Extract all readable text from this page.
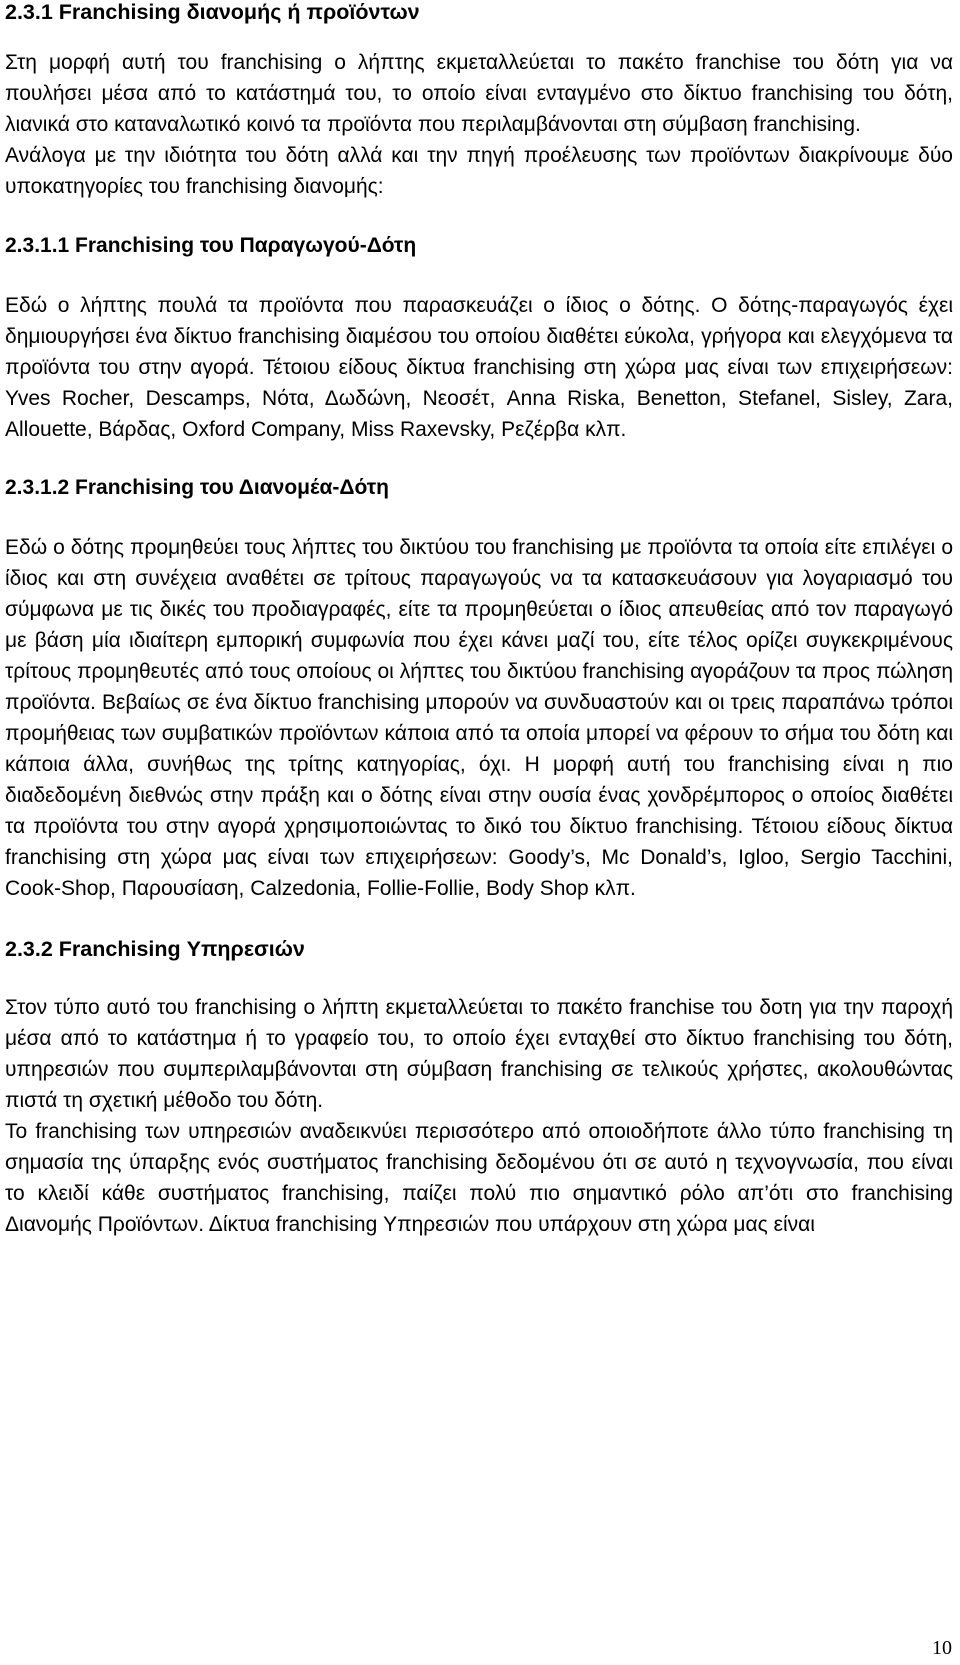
2.3.1 Franchising διανομής ή προϊόντων

Στη μορφή αυτή του franchising ο λήπτης εκμεταλλεύεται το πακέτο franchise του δότη για να πουλήσει μέσα από το κατάστημά του, το οποίο είναι ενταγμένο στο δίκτυο franchising του δότη, λιανικά στο καταναλωτικό κοινό τα προϊόντα που περιλαμβάνονται στη σύμβαση franchising.

Ανάλογα με την ιδιότητα του δότη αλλά και την πηγή προέλευσης των προϊόντων διακρίνουμε δύο υποκατηγορίες του franchising διανομής:

2.3.1.1 Franchising του Παραγωγού-Δότη

Εδώ ο λήπτης πουλά τα προϊόντα που παρασκευάζει ο ίδιος ο δότης. Ο δότης-παραγωγός έχει δημιουργήσει ένα δίκτυο franchising διαμέσου του οποίου διαθέτει εύκολα, γρήγορα και ελεγχόμενα τα προϊόντα του στην αγορά. Τέτοιου είδους δίκτυα franchising στη χώρα μας είναι των επιχειρήσεων: Yves Rocher, Descamps, Νότα, Δωδώνη, Νεοσέτ, Anna Riska, Benetton, Stefanel, Sisley, Zara, Allouette, Βάρδας, Oxford Company, Miss Raxevsky, Ρεζέρβα κλπ.

2.3.1.2 Franchising του Διανομέα-Δότη

Εδώ ο δότης προμηθεύει τους λήπτες του δικτύου του franchising με προϊόντα τα οποία είτε επιλέγει ο ίδιος και στη συνέχεια αναθέτει σε τρίτους παραγωγούς να τα κατασκευάσουν για λογαριασμό του σύμφωνα με τις δικές του προδιαγραφές, είτε τα προμηθεύεται ο ίδιος απευθείας από τον παραγωγό με βάση μία ιδιαίτερη εμπορική συμφωνία που έχει κάνει μαζί του, είτε τέλος ορίζει συγκεκριμένους τρίτους προμηθευτές από τους οποίους οι λήπτες του δικτύου franchising αγοράζουν τα προς πώληση προϊόντα. Βεβαίως σε ένα δίκτυο franchising μπορούν να συνδυαστούν και οι τρεις παραπάνω τρόποι προμήθειας των συμβατικών προϊόντων κάποια από τα οποία μπορεί να φέρουν το σήμα του δότη και κάποια άλλα, συνήθως της τρίτης κατηγορίας, όχι. Η μορφή αυτή του franchising είναι η πιο διαδεδομένη διεθνώς στην πράξη και ο δότης είναι στην ουσία ένας χονδρέμπορος ο οποίος διαθέτει τα προϊόντα του στην αγορά χρησιμοποιώντας το δικό του δίκτυο franchising. Τέτοιου είδους δίκτυα franchising στη χώρα μας είναι των επιχειρήσεων: Goody’s, Mc Donald’s, Igloo, Sergio Tacchini, Cook-Shop, Παρουσίαση, Calzedonia, Follie-Follie, Body Shop κλπ.

2.3.2 Franchising Υπηρεσιών

Στον τύπο αυτό του franchising ο λήπτη εκμεταλλεύεται το πακέτο franchise του δοτη για την παροχή μέσα από το κατάστημα ή το γραφείο του, το οποίο έχει ενταχθεί στο δίκτυο franchising του δότη, υπηρεσιών που συμπεριλαμβάνονται στη σύμβαση franchising σε τελικούς χρήστες, ακολουθώντας πιστά τη σχετική μέθοδο του δότη.

Το franchising των υπηρεσιών αναδεικνύει περισσότερο από οποιοδήποτε άλλο τύπο franchising τη σημασία της ύπαρξης ενός συστήματος franchising δεδομένου ότι σε αυτό η τεχνογνωσία, που είναι το κλειδί κάθε συστήματος franchising, παίζει πολύ πιο σημαντικό ρόλο απ’ότι στο franchising Διανομής Προϊόντων. Δίκτυα franchising Υπηρεσιών που υπάρχουν στη χώρα μας είναι

10
